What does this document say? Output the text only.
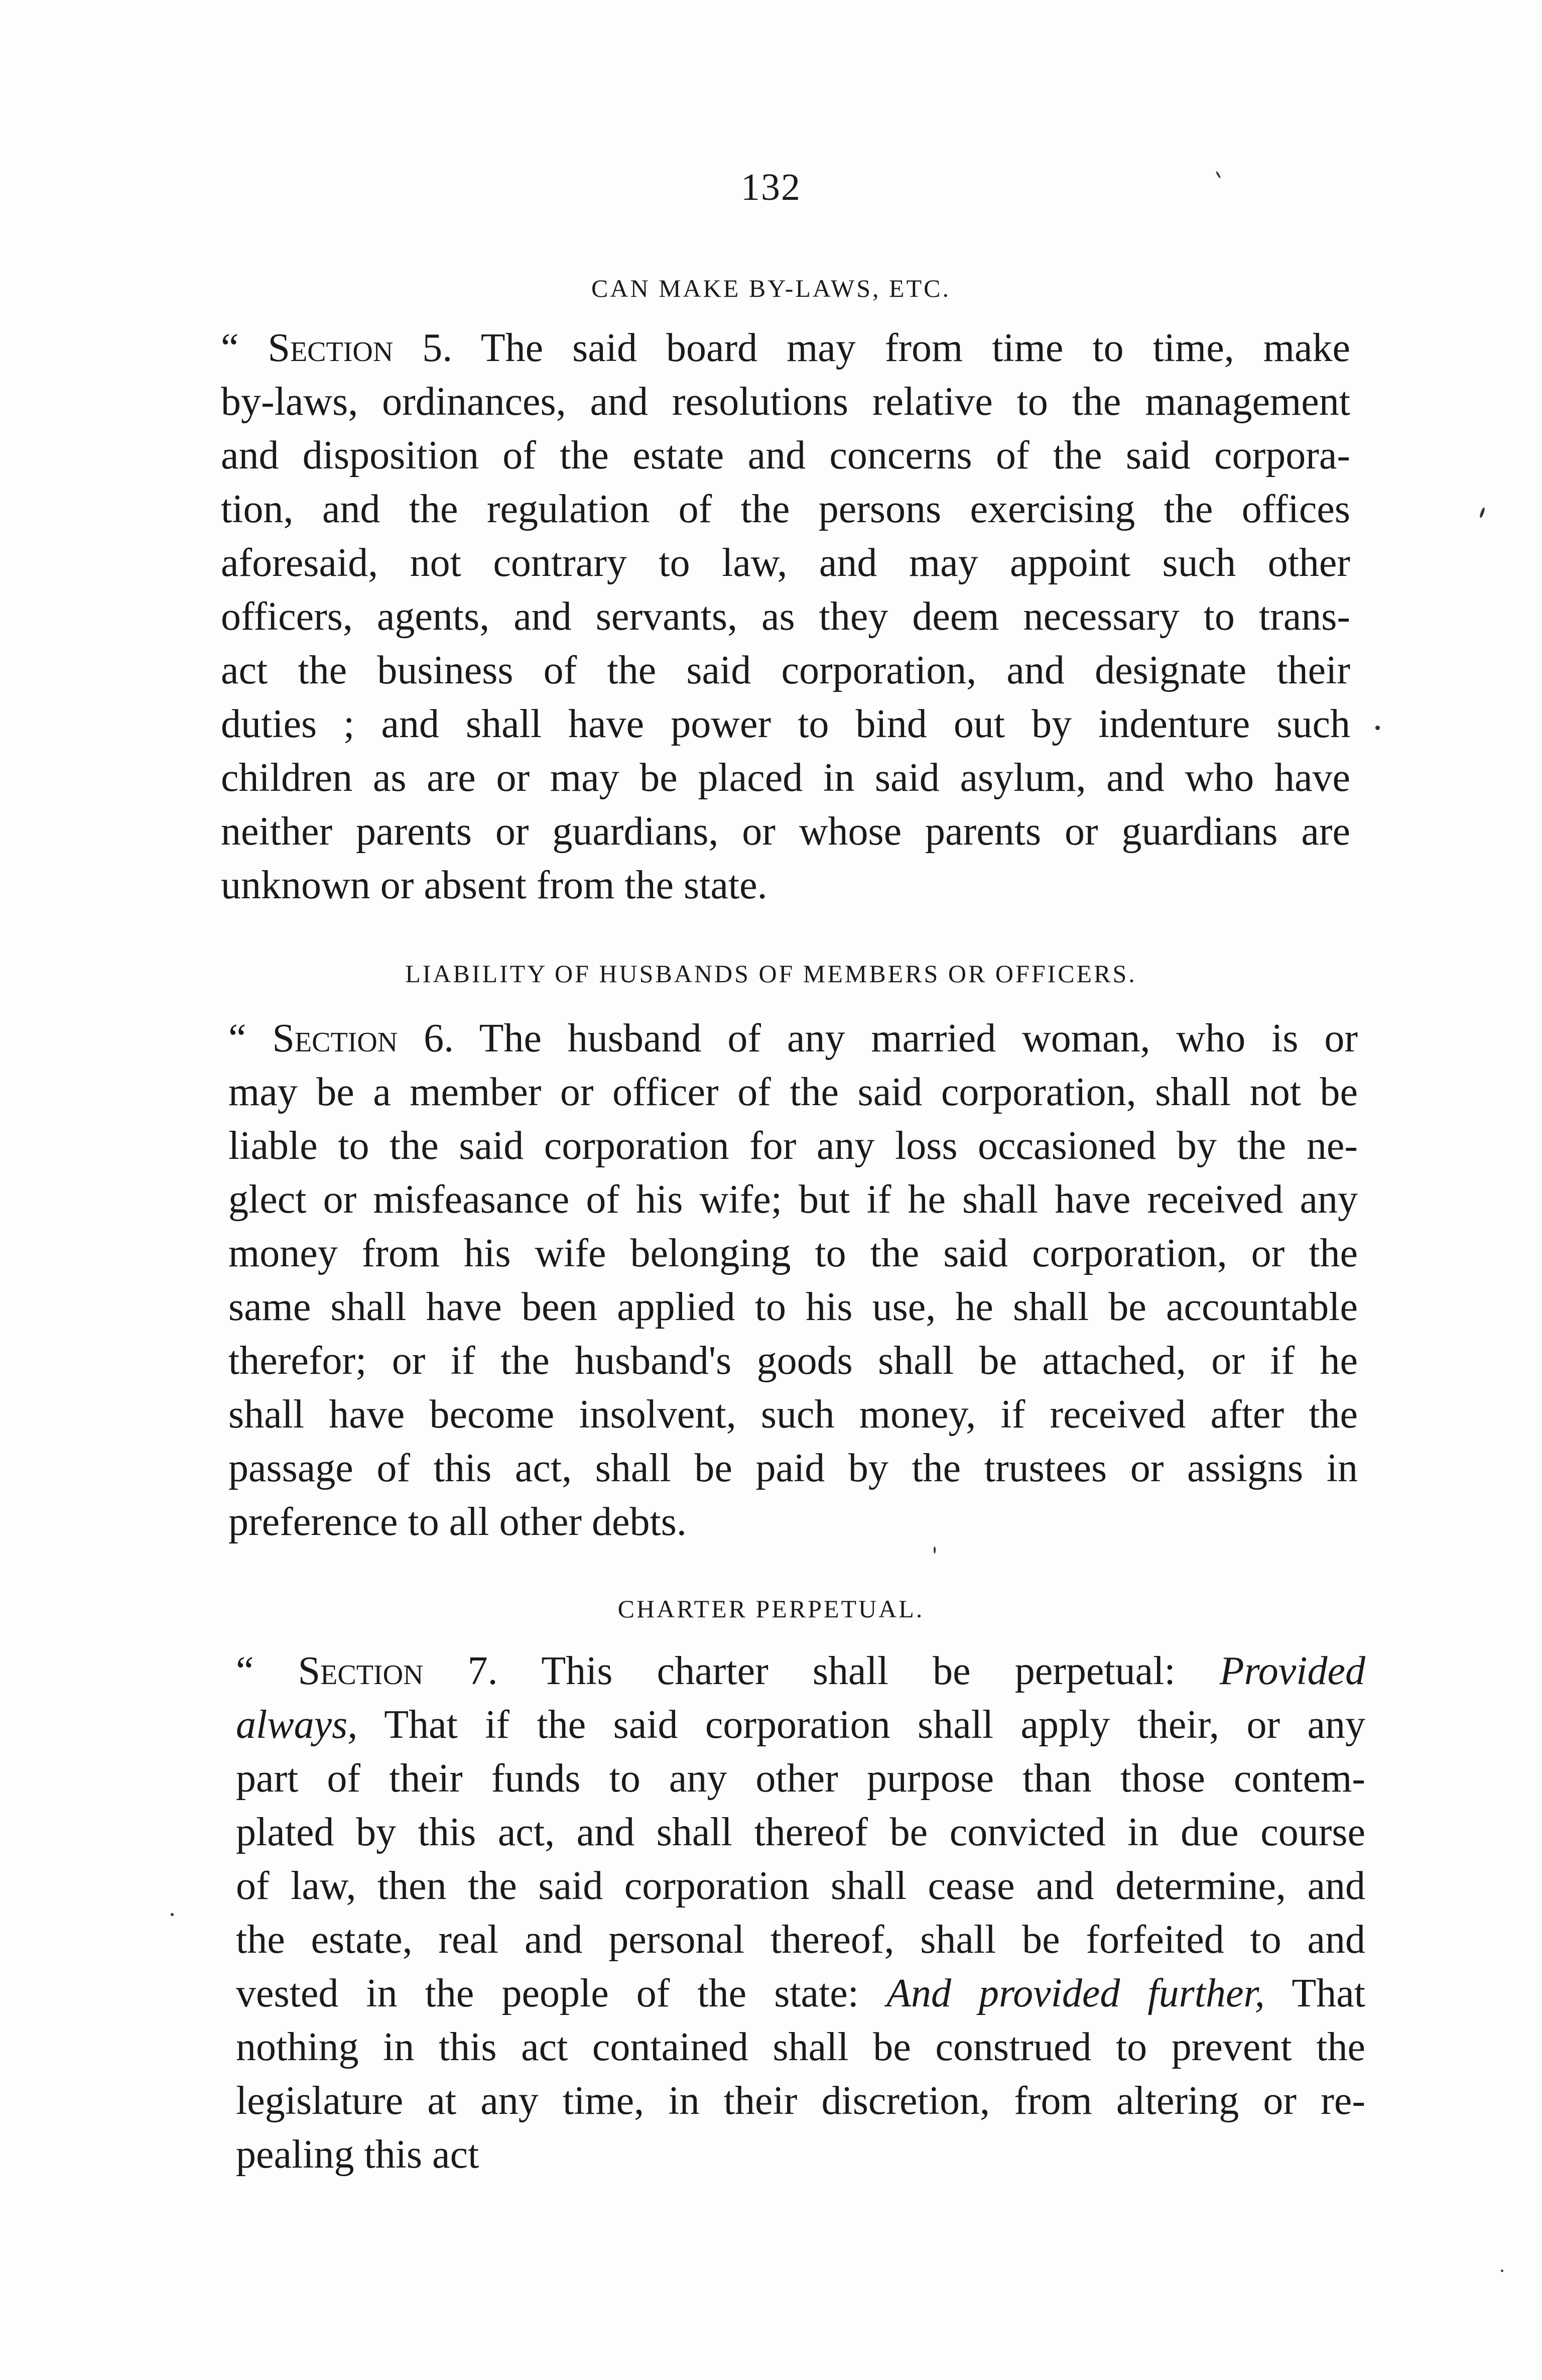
132
CAN MAKE BY-LAWS, ETC.
“ Section 5. The said board may from time to time, make
by-laws, ordinances, and resolutions relative to the management
and disposition of the estate and concerns of the said corpora-
tion, and the regulation of the persons exercising the offices
aforesaid, not contrary to law, and may appoint such other
officers, agents, and servants, as they deem necessary to trans-
act the business of the said corporation, and designate their
duties ; and shall have power to bind out by indenture such
children as are or may be placed in said asylum, and who have
neither parents or guardians, or whose parents or guardians are
unknown or absent from the state.
LIABILITY OF HUSBANDS OF MEMBERS OR OFFICERS.
“ Section 6. The husband of any married woman, who is or
may be a member or officer of the said corporation, shall not be
liable to the said corporation for any loss occasioned by the ne-
glect or misfeasance of his wife; but if he shall have received any
money from his wife belonging to the said corporation, or the
same shall have been applied to his use, he shall be accountable
therefor; or if the husband's goods shall be attached, or if he
shall have become insolvent, such money, if received after the
passage of this act, shall be paid by the trustees or assigns in
preference to all other debts.
CHARTER PERPETUAL.
“ Section 7. This charter shall be perpetual: Provided
always, That if the said corporation shall apply their, or any
part of their funds to any other purpose than those contem-
plated by this act, and shall thereof be convicted in due course
of law, then the said corporation shall cease and determine, and
the estate, real and personal thereof, shall be forfeited to and
vested in the people of the state: And provided further, That
nothing in this act contained shall be construed to prevent the
legislature at any time, in their discretion, from altering or re-
pealing this act
